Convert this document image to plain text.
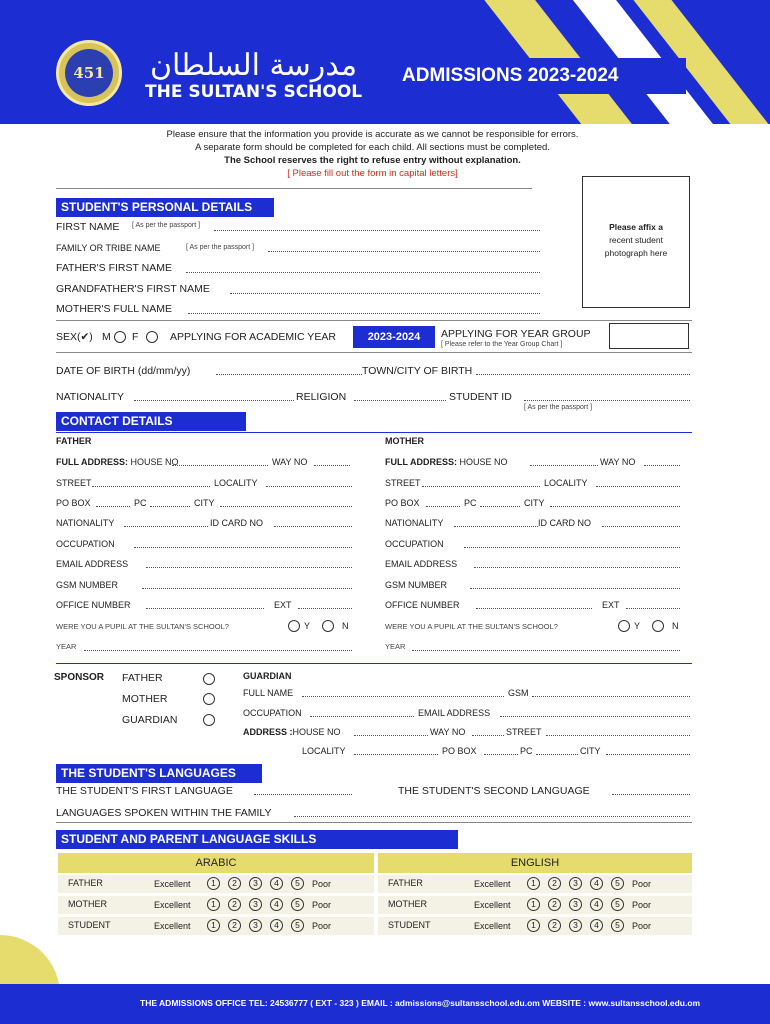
451 مدرسة السلطان
THE SULTAN'S SCHOOL
ADMISSIONS 2023-2024
Please ensure that the information you provide is accurate as we cannot be responsible for errors.
A separate form should be completed for each child. All sections must be completed.
The School reserves the right to refuse entry without explanation.
[ Please fill out the form in capital letters]
STUDENT'S PERSONAL DETAILS
Please affix a
recent student
photograph here
FIRST NAME [ As per the passport ]
FAMILY OR TRIBE NAME	[ As per the passport ]
FATHER'S FIRST NAME
GRANDFATHER'S FIRST NAME
MOTHER'S FULL NAME
SEX(✔) M F	APPLYING FOR ACADEMIC YEAR	2023-2024	APPLYING FOR YEAR GROUP
[ Please refer to the Year Group Chart ]
DATE OF BIRTH (dd/mm/yy)	TOWN/CITY OF BIRTH
NATIONALITY	RELIGION	STUDENT ID
[ As per the passport ]
CONTACT DETAILS
FATHER
FULL ADDRESS: HOUSE NO	WAY NO
STREET	LOCALITY
PO BOX	PC	CITY
NATIONALITY	ID CARD NO
OCCUPATION
EMAIL ADDRESS
GSM NUMBER
OFFICE NUMBER	EXT
WERE YOU A PUPIL AT THE SULTAN'S SCHOOL?	Y	N
YEAR
MOTHER
FULL ADDRESS: HOUSE NO	WAY NO
STREET	LOCALITY
PO BOX	PC	CITY
NATIONALITY	ID CARD NO
OCCUPATION
EMAIL ADDRESS
GSM NUMBER
OFFICE NUMBER	EXT
WERE YOU A PUPIL AT THE SULTAN'S SCHOOL?	Y	N
YEAR
SPONSOR FATHER
MOTHER
GUARDIAN
GUARDIAN
FULL NAME	GSM
OCCUPATION	EMAIL ADDRESS
ADDRESS :HOUSE NO	WAY NO	STREET
LOCALITY	PO BOX	PC	CITY
THE STUDENT'S LANGUAGES
THE STUDENT'S FIRST LANGUAGE	THE STUDENT'S SECOND LANGUAGE
LANGUAGES SPOKEN WITHIN THE FAMILY
STUDENT AND PARENT LANGUAGE SKILLS
ARABIC	ENGLISH
FATHER	Excellent	1	2	3	4	5	Poor	FATHER	Excellent	1	2	3	4	5	Poor
MOTHER	Excellent	1	2	3	4	5	Poor	MOTHER	Excellent	1	2	3	4	5	Poor
STUDENT	Excellent	1	2	3	4	5	Poor	STUDENT	Excellent	1	2	3	4	5	Poor
THE ADMISSIONS OFFICE TEL: 24536777 ( EXT - 323 ) EMAIL : admissions@sultansschool.edu.om WEBSITE : www.sultansschool.edu.om
